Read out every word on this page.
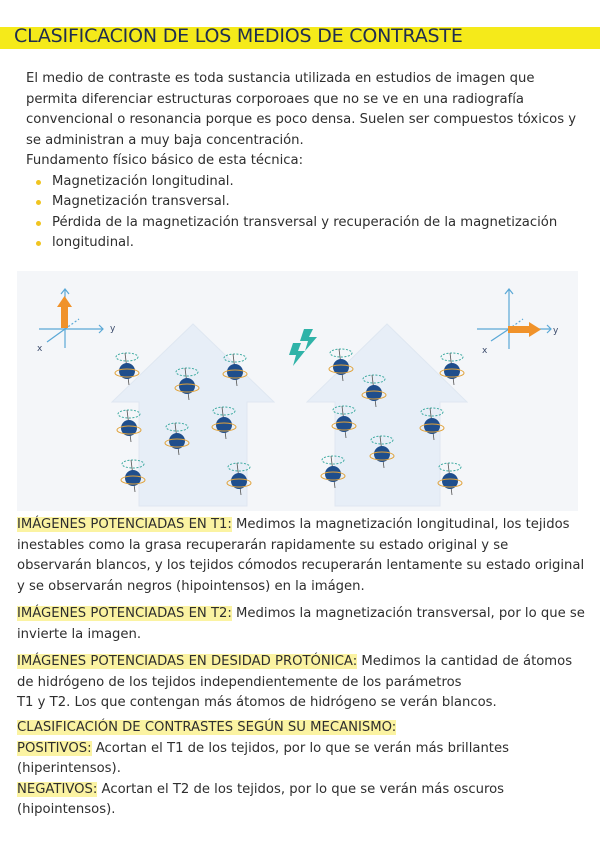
CLASIFICACION DE LOS MEDIOS DE CONTRASTE

El medio de contraste es toda sustancia utilizada en estudios de imagen que permita diferenciar estructuras corporoaes que no se ve en una radiografía convencional o resonancia porque es poco densa. Suelen ser compuestos tóxicos y se administran a muy baja concentración.

Fundamento físico básico de esta técnica:

Magnetización longitudinal.
Magnetización transversal.
Pérdida de la magnetización transversal y recuperación de la magnetización
longitudinal.
y
x
y
x

IMÁGENES POTENCIADAS EN T1: Medimos la magnetización longitudinal, los tejidos inestables como la grasa recuperarán rapidamente su estado original y se observarán blancos, y los tejidos cómodos recuperarán lentamente su estado original y se observarán negros (hipointensos) en la imágen.

IMÁGENES POTENCIADAS EN T2: Medimos la magnetización transversal, por lo que se invierte la imagen.

IMÁGENES POTENCIADAS EN DESIDAD PROTÓNICA: Medimos la cantidad de átomos de hidrógeno de los tejidos independientemente de los parámetros

T1 y T2. Los que contengan más átomos de hidrógeno se verán blancos.

CLASIFICACIÓN DE CONTRASTES SEGÚN SU MECANISMO:

POSITIVOS: Acortan el T1 de los tejidos, por lo que se verán más brillantes (hiperintensos).

NEGATIVOS: Acortan el T2 de los tejidos, por lo que se verán más oscuros (hipointensos).
